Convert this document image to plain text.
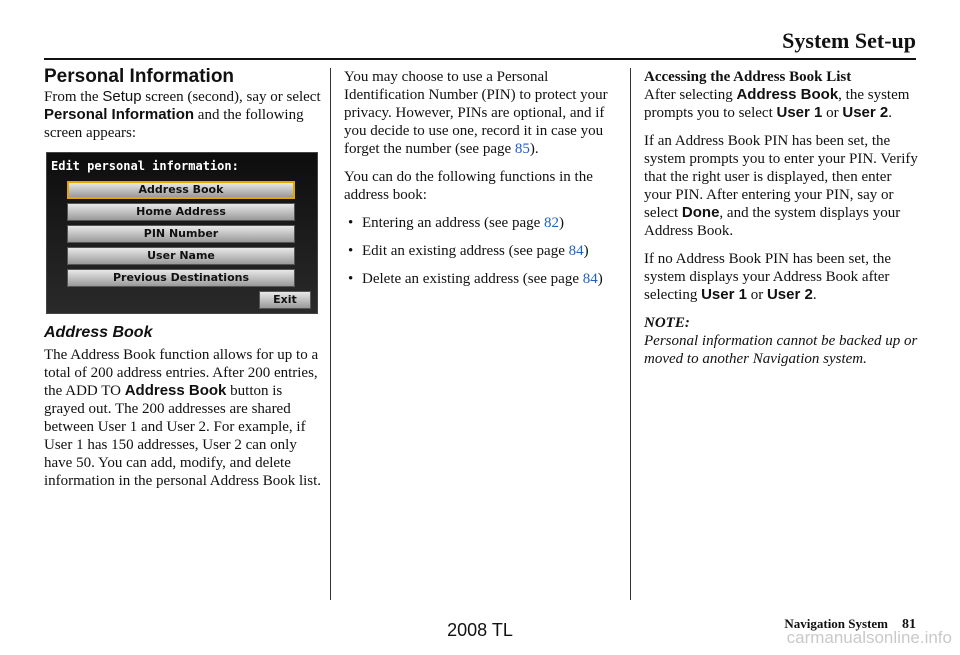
System Set-up
Personal Information

From the Setup screen (second), say or select Personal Information and the following screen appears:

Edit personal information:
Address Book
Home Address
PIN Number
User Name
Previous Destinations
Exit
Address Book

The Address Book function allows for up to a total of 200 address entries. After 200 entries, the ADD TO Address Book button is grayed out. The 200 addresses are shared between User 1 and User 2. For example, if User 1 has 150 addresses, User 2 can only have 50. You can add, modify, and delete information in the personal Address Book list.

You may choose to use a Personal Identification Number (PIN) to protect your privacy. However, PINs are optional, and if you decide to use one, record it in case you forget the number (see page 85).

You can do the following functions in the address book:

• Entering an address (see page 82)
• Edit an existing address (see page 84)
• Delete an existing address (see page 84)
Accessing the Address Book List

After selecting Address Book, the system prompts you to select User 1 or User 2.

If an Address Book PIN has been set, the system prompts you to enter your PIN. Verify that the right user is displayed, then enter your PIN. After entering your PIN, say or select Done, and the system displays your Address Book.

If no Address Book PIN has been set, the system displays your Address Book after selecting User 1 or User 2.

NOTE:
Personal information cannot be backed up or moved to another Navigation system.
Navigation System 81
2008 TL	carmanualsonline.info
